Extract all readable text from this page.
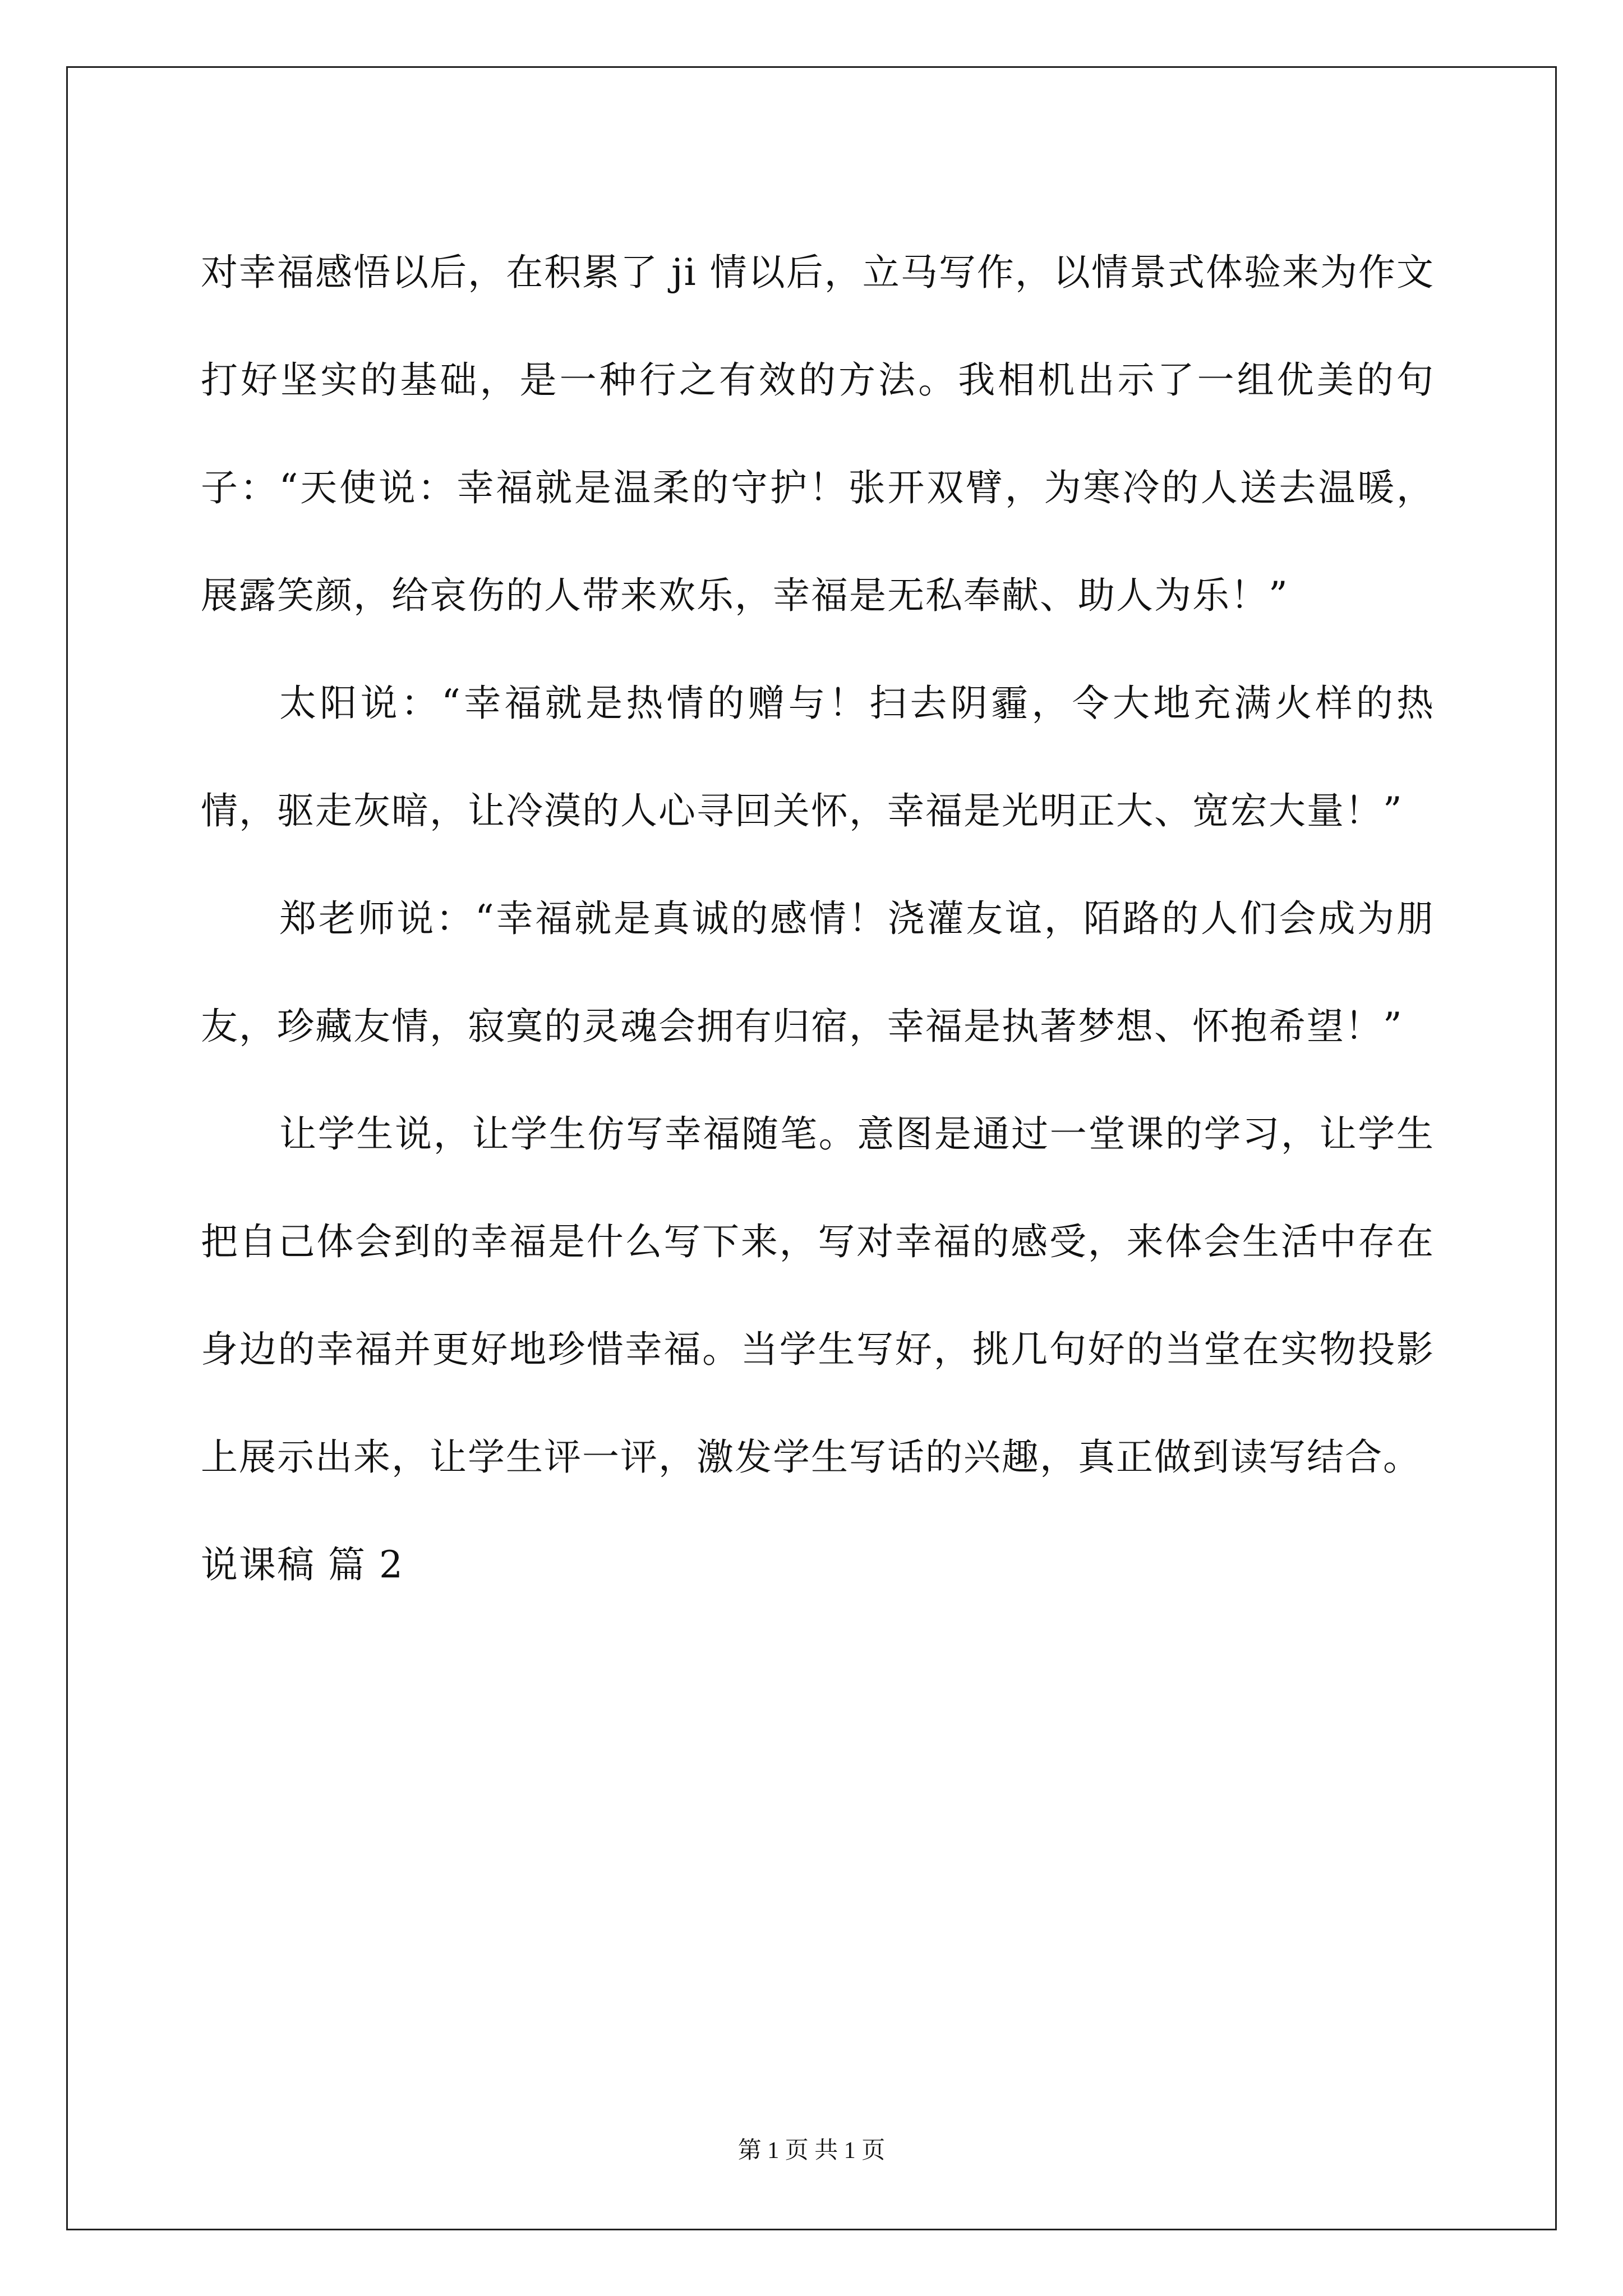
对幸福感悟以后，在积累了 ji 情以后，立马写作，以情景式体验来为作文打好坚实的基础，是一种行之有效的方法。我相机出示了一组优美的句子：“天使说：幸福就是温柔的守护！张开双臂，为寒冷的人送去温暖，展露笑颜，给哀伤的人带来欢乐，幸福是无私奉献、助人为乐！”

太阳说：“幸福就是热情的赠与！扫去阴霾，令大地充满火样的热情，驱走灰暗，让冷漠的人心寻回关怀，幸福是光明正大、宽宏大量！”

郑老师说：“幸福就是真诚的感情！浇灌友谊，陌路的人们会成为朋友，珍藏友情，寂寞的灵魂会拥有归宿，幸福是执著梦想、怀抱希望！”

让学生说，让学生仿写幸福随笔。意图是通过一堂课的学习，让学生把自己体会到的幸福是什么写下来，写对幸福的感受，来体会生活中存在身边的幸福并更好地珍惜幸福。当学生写好，挑几句好的当堂在实物投影上展示出来，让学生评一评，激发学生写话的兴趣，真正做到读写结合。

说课稿 篇 2

第 1 页 共 1 页
